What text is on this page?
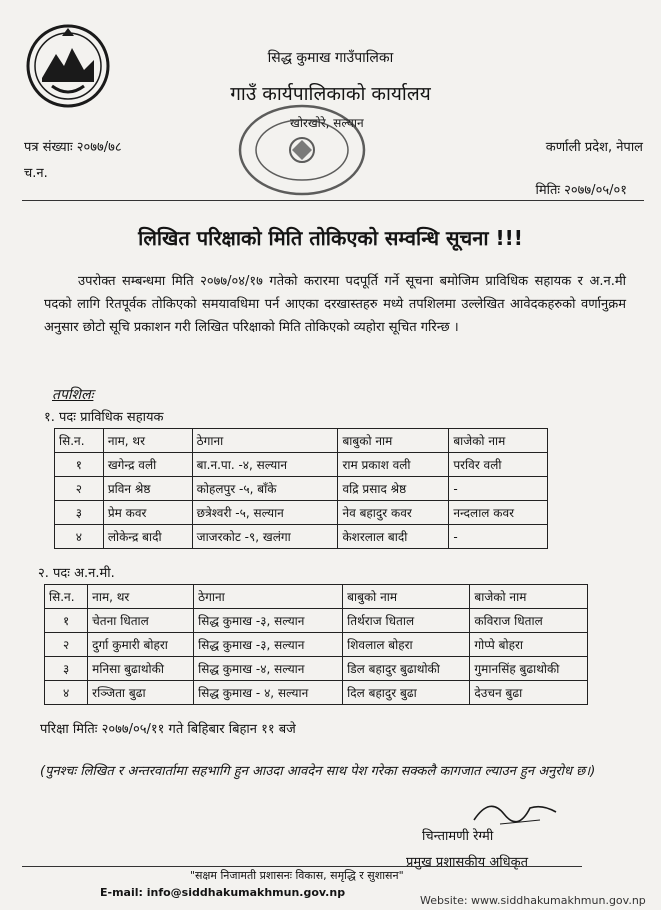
सिद्ध कुमाख गाउँपालिका
गाउँ कार्यपालिकाको कार्यालय
खोरखोरे, सल्यान
पत्र संख्याः २०७७/७८
च.न.
कर्णाली प्रदेश, नेपाल
मितिः २०७७/०५/०१
लिखित परिक्षाको मिति तोकिएको सम्वन्धि सूचना !!!
उपरोक्त सम्बन्धमा मिति २०७७/०४/१७ गतेको करारमा पदपूर्ति गर्ने सूचना बमोजिम प्राविधिक सहायक र अ.न.मी पदको लागि रितपूर्वक तोकिएको समयावधिमा पर्न आएका दरखास्तहरु मध्ये तपशिलमा उल्लेखित आवेदकहरुको वर्णानुक्रम अनुसार छोटो सूचि प्रकाशन गरी लिखित परिक्षाको मिति तोकिएको व्यहोरा सूचित गरिन्छ ।
तपशिलः
१. पदः प्राविधिक सहायक
सि.न.	नाम, थर	ठेगाना	बाबुको नाम	बाजेको नाम
१	खगेन्द्र वली	बा.न.पा. -४, सल्यान	राम प्रकाश वली	परविर वली
२	प्रविन श्रेष्ठ	कोहलपुर -५, बाँके	वद्रि प्रसाद श्रेष्ठ	-
३	प्रेम कवर	छत्रेश्वरी -५, सल्यान	नेव बहादुर कवर	नन्दलाल कवर
४	लोकेन्द्र बादी	जाजरकोट -९, खलंगा	केशरलाल बादी	-
२. पदः अ.न.मी.
सि.न.	नाम, थर	ठेगाना	बाबुको नाम	बाजेको नाम
१	चेतना धिताल	सिद्ध कुमाख -३, सल्यान	तिर्थराज धिताल	कविराज धिताल
२	दुर्गा कुमारी बोहरा	सिद्ध कुमाख -३, सल्यान	शिवलाल बोहरा	गोप्पे बोहरा
३	मनिसा बुढाथोकी	सिद्ध कुमाख -४, सल्यान	डिल बहादुर बुढाथोकी	गुमानसिंह बुढाथोकी
४	रञ्जिता बुढा	सिद्ध कुमाख - ४, सल्यान	दिल बहादुर बुढा	देउचन बुढा
परिक्षा मितिः २०७७/०५/११ गते बिहिबार बिहान ११ बजे
(पुनश्चः लिखित र अन्तरवार्तामा सहभागि हुन आउदा आवदेन साथ पेश गरेका सक्कलै कागजात ल्याउन हुन अनुरोध छ।)
चिन्तामणी रेग्मी
प्रमुख प्रशासकीय अधिकृत
"सक्षम निजामती प्रशासनः विकास, समृद्धि र सुशासन"
E-mail: info@siddhakumakhmun.gov.np
Website: www.siddhakumakhmun.gov.np
